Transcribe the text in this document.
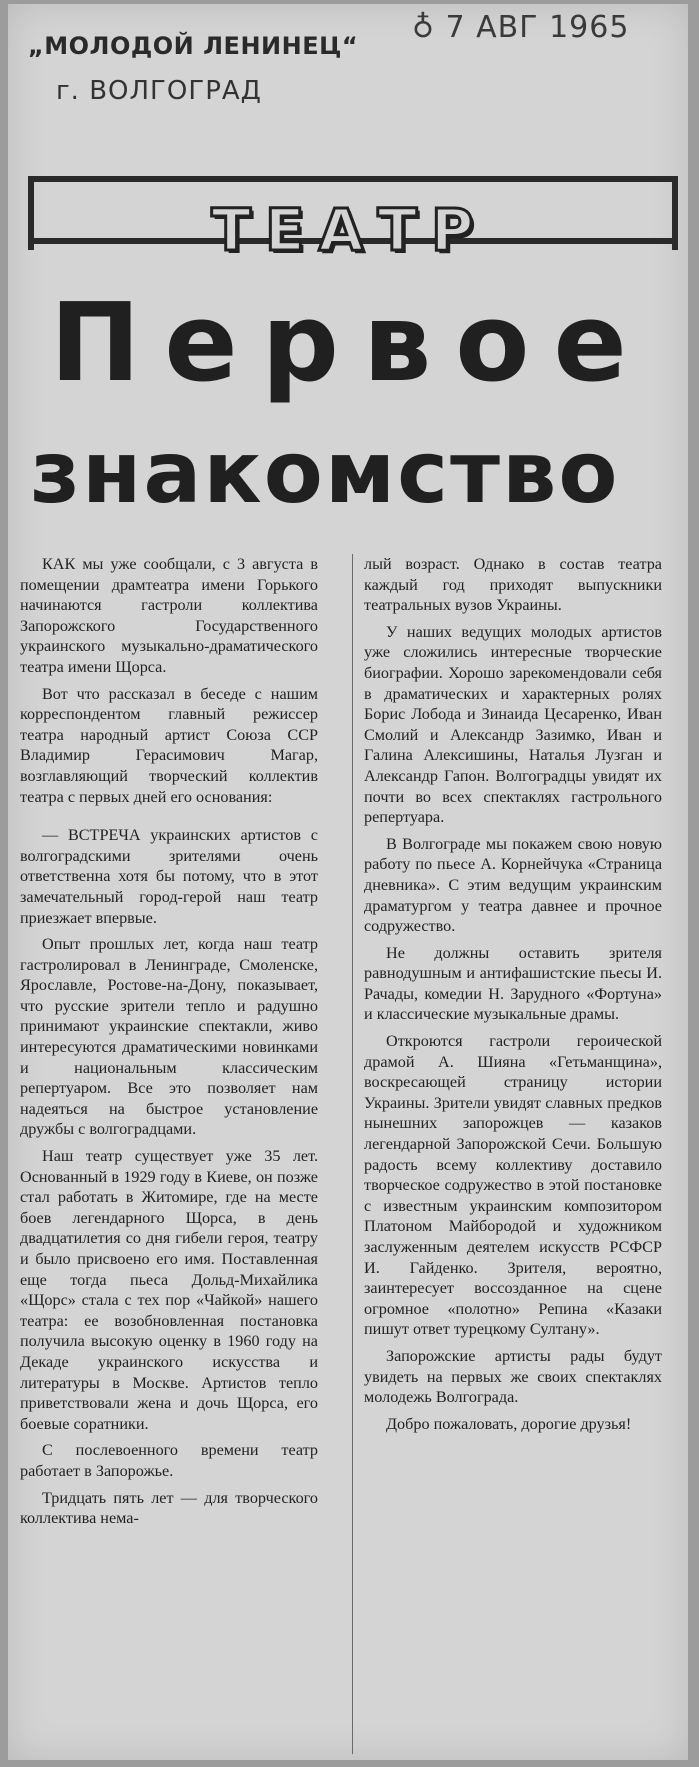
„МОЛОДОЙ ЛЕНИНЕЦ“
г. ВОЛГОГРАД
♁ 7 АВГ 1965
ТЕАТР
Первое
знакомство

КАК мы уже сообщали, с 3 августа в помещении драмтеатра имени Горького начинаются гастроли коллектива Запорожского Государственного украинского музыкально-драматического театра имени Щорса.

Вот что рассказал в беседе с нашим корреспондентом главный режиссер театра народный артист Союза ССР Владимир Герасимович Магар, возглавляющий творческий коллектив театра с первых дней его основания:

— ВСТРЕЧА украинских артистов с волгоградскими зрителями очень ответственна хотя бы потому, что в этот замечательный город-герой наш театр приезжает впервые.

Опыт прошлых лет, когда наш театр гастролировал в Ленинграде, Смоленске, Ярославле, Ростове-на-Дону, показывает, что русские зрители тепло и радушно принимают украинские спектакли, живо интересуются драматическими новинками и национальным классическим репертуаром. Все это позволяет нам надеяться на быстрое установление дружбы с волгоградцами.

Наш театр существует уже 35 лет. Основанный в 1929 году в Киеве, он позже стал работать в Житомире, где на месте боев легендарного Щорса, в день двадцатилетия со дня гибели героя, театру и было присвоено его имя. Поставленная еще тогда пьеса Дольд-Михайлика «Щорс» стала с тех пор «Чайкой» нашего театра: ее возобновленная постановка получила высокую оценку в 1960 году на Декаде украинского искусства и литературы в Москве. Артистов тепло приветствовали жена и дочь Щорса, его боевые соратники.

С послевоенного времени театр работает в Запорожье.

Тридцать пять лет — для творческого коллектива нема-

лый возраст. Однако в состав театра каждый год приходят выпускники театральных вузов Украины.

У наших ведущих молодых артистов уже сложились интересные творческие биографии. Хорошо зарекомендовали себя в драматических и характерных ролях Борис Лобода и Зинаида Цесаренко, Иван Смолий и Александр Зазимко, Иван и Галина Алексишины, Наталья Лузган и Александр Гапон. Волгоградцы увидят их почти во всех спектаклях гастрольного репертуара.

В Волгограде мы покажем свою новую работу по пьесе А. Корнейчука «Страница дневника». С этим ведущим украинским драматургом у театра давнее и прочное содружество.

Не должны оставить зрителя равнодушным и антифашистские пьесы И. Рачады, комедии Н. Зарудного «Фортуна» и классические музыкальные драмы.

Откроются гастроли героической драмой А. Шияна «Гетьманщина», воскресающей страницу истории Украины. Зрители увидят славных предков нынешних запорожцев — казаков легендарной Запорожской Сечи. Большую радость всему коллективу доставило творческое содружество в этой постановке с известным украинским композитором Платоном Майбородой и художником заслуженным деятелем искусств РСФСР И. Гайденко. Зрителя, вероятно, заинтересует воссозданное на сцене огромное «полотно» Репина «Казаки пишут ответ турецкому Султану».

Запорожские артисты рады будут увидеть на первых же своих спектаклях молодежь Волгограда.

Добро пожаловать, дорогие друзья!
